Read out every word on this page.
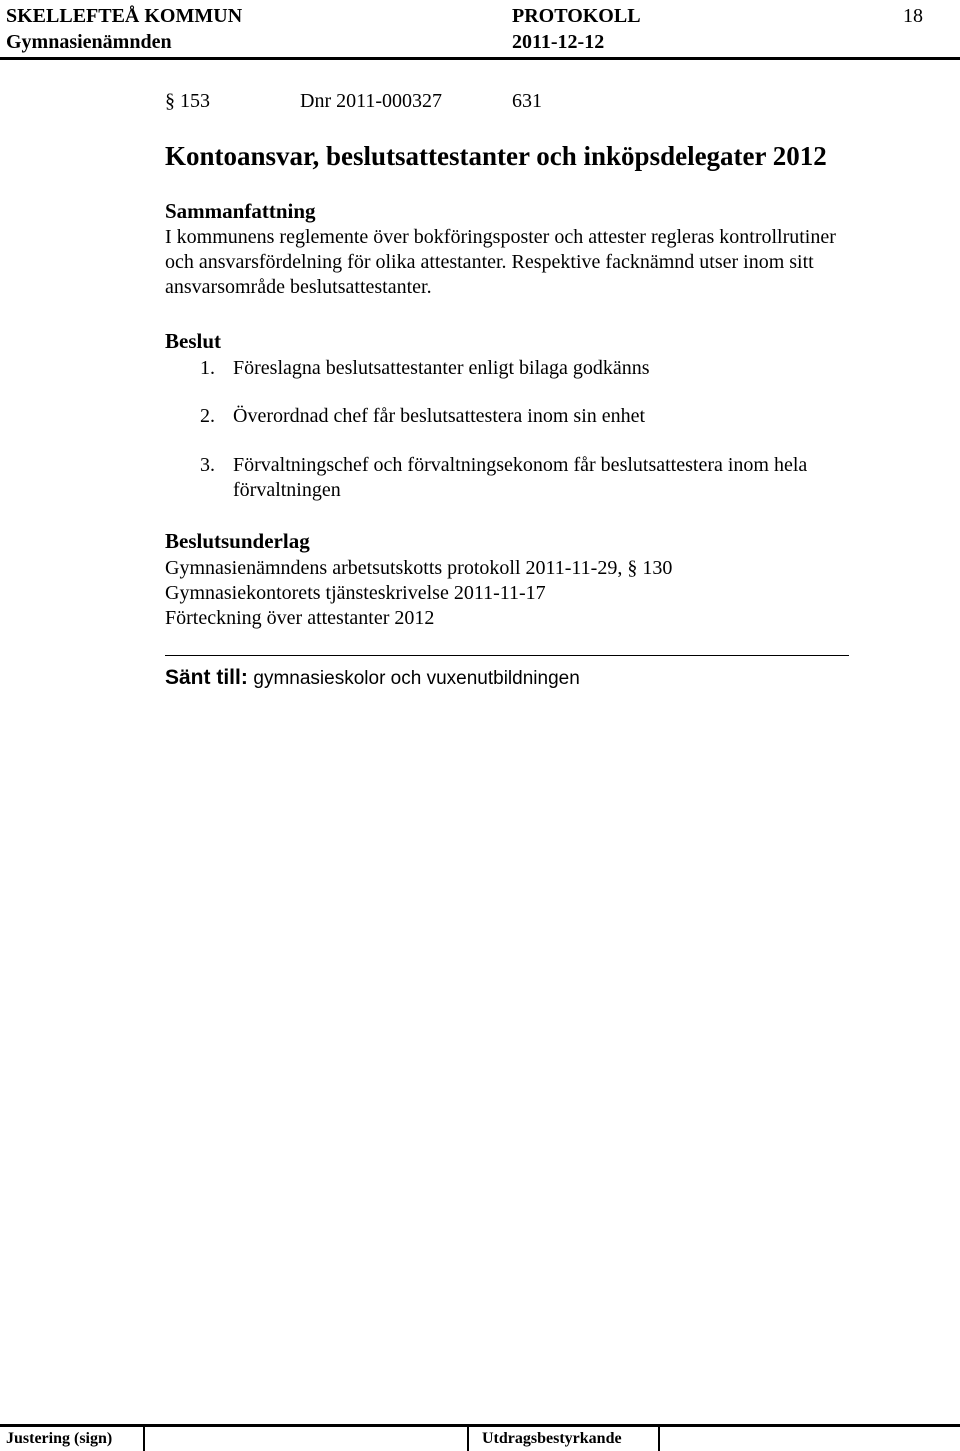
SKELLEFTEÅ KOMMUN	PROTOKOLL	18
Gymnasienämnden	2011-12-12
§ 153	Dnr 2011-000327	631
Kontoansvar, beslutsattestanter och inköpsdelegater 2012
Sammanfattning
I kommunens reglemente över bokföringsposter och attester regleras kontrollrutiner
och ansvarsfördelning för olika attestanter. Respektive facknämnd utser inom sitt
ansvarsområde beslutsattestanter.
Beslut
1. Föreslagna beslutsattestanter enligt bilaga godkänns
2. Överordnad chef får beslutsattestera inom sin enhet
3. Förvaltningschef och förvaltningsekonom får beslutsattestera inom hela
förvaltningen
Beslutsunderlag
Gymnasienämndens arbetsutskotts protokoll 2011-11-29, § 130
Gymnasiekontorets tjänsteskrivelse 2011-11-17
Förteckning över attestanter 2012
Sänt till: gymnasieskolor och vuxenutbildningen
Justering (sign)	Utdragsbestyrkande
